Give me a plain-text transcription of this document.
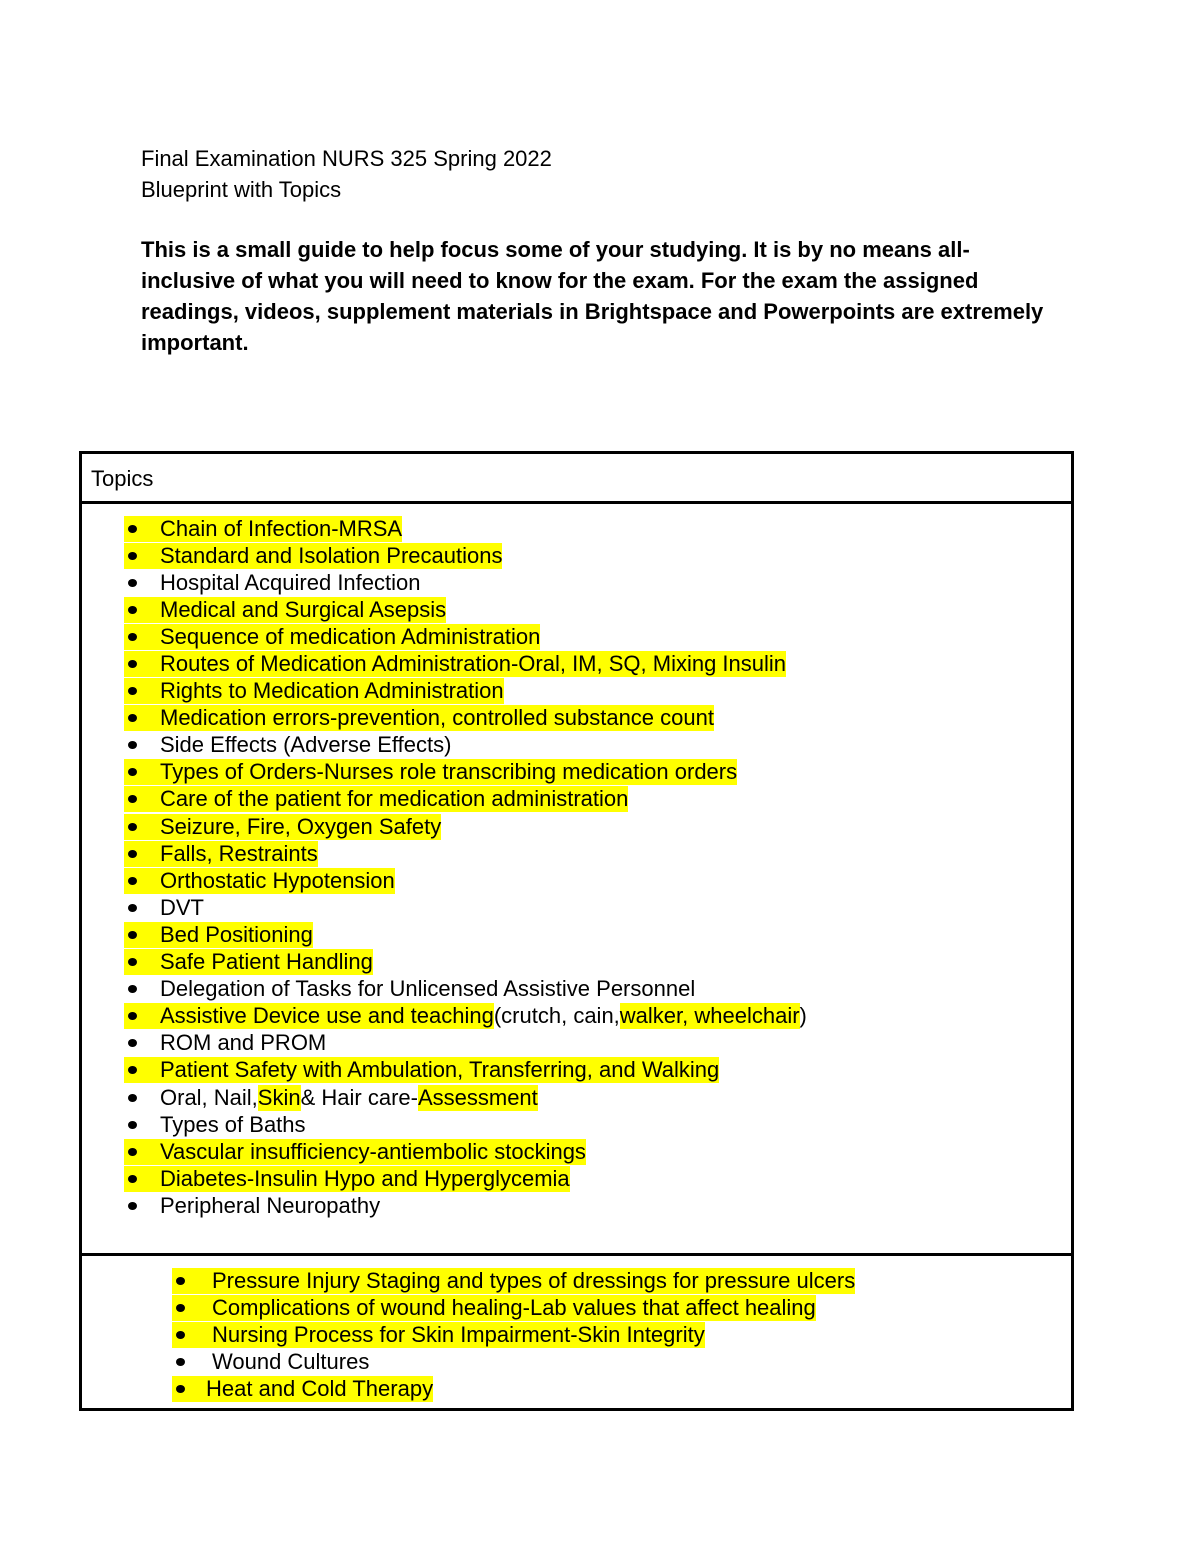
Final Examination NURS 325 Spring 2022

Blueprint with Topics

This is a small guide to help focus some of your studying. It is by no means all-inclusive of what you will need to know for the exam. For the exam the assigned readings, videos, supplement materials in Brightspace and Powerpoints are extremely important.
Topics
Chain of Infection-MRSA
Standard and Isolation Precautions
Hospital Acquired Infection
Medical and Surgical Asepsis
Sequence of medication Administration
Routes of Medication Administration-Oral, IM, SQ, Mixing Insulin
Rights to Medication Administration
Medication errors-prevention, controlled substance count
Side Effects (Adverse Effects)
Types of Orders-Nurses role transcribing medication orders
Care of the patient for medication administration
Seizure, Fire, Oxygen Safety
Falls, Restraints
Orthostatic Hypotension
DVT
Bed Positioning
Safe Patient Handling
Delegation of Tasks for Unlicensed Assistive Personnel
Assistive Device use and teaching (crutch, cain, walker, wheelchair )
ROM and PROM
Patient Safety with Ambulation, Transferring, and Walking
Oral, Nail, Skin & Hair care- Assessment
Types of Baths
Vascular insufficiency-antiembolic stockings
Diabetes-Insulin Hypo and Hyperglycemia
Peripheral Neuropathy
Pressure Injury Staging and types of dressings for pressure ulcers
Complications of wound healing-Lab values that affect healing
Nursing Process for Skin Impairment-Skin Integrity
Wound Cultures
Heat and Cold Therapy
